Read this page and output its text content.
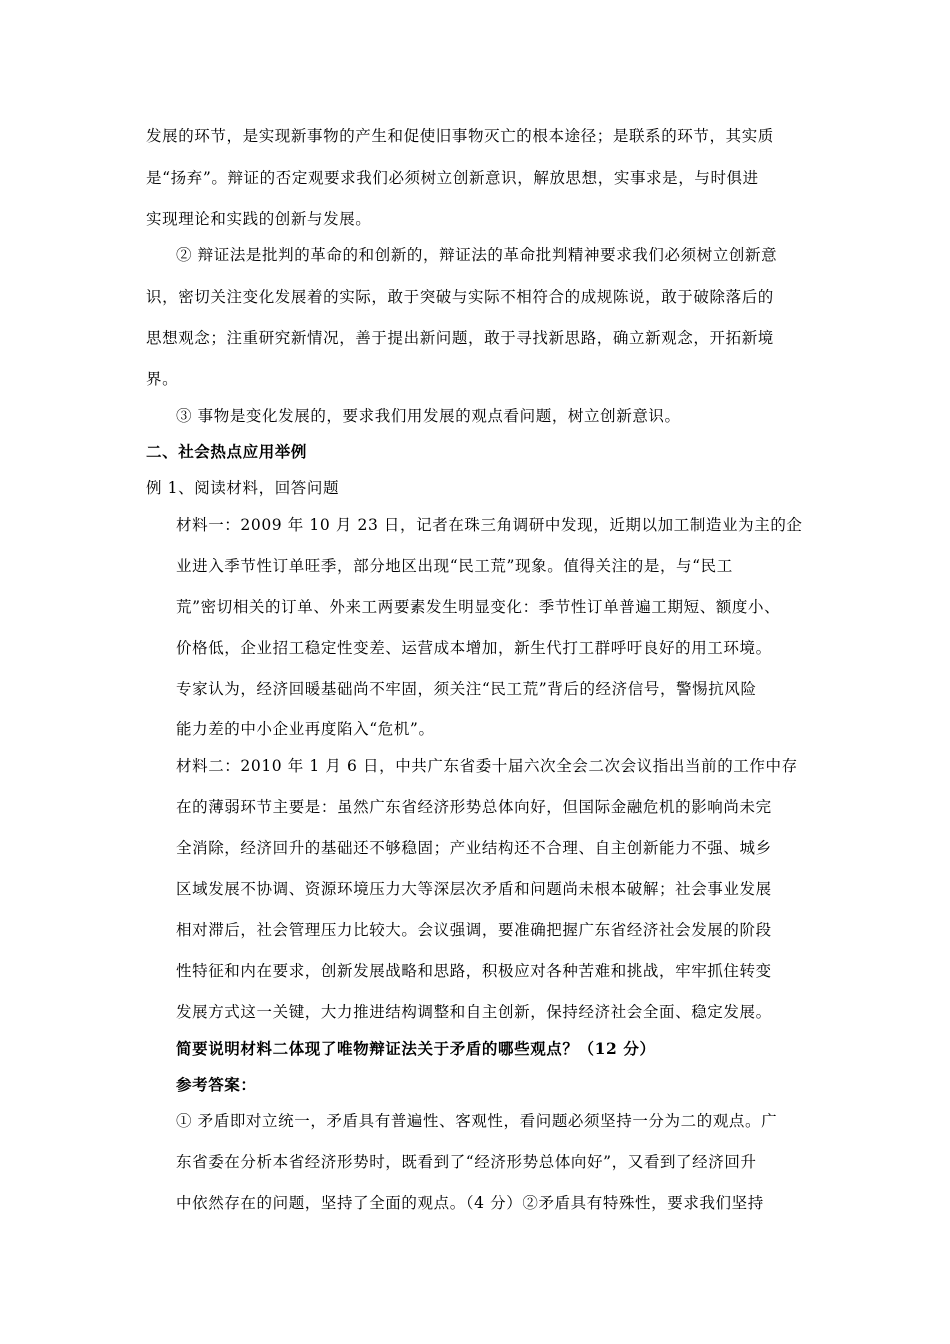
发展的环节，是实现新事物的产生和促使旧事物灭亡的根本途径；是联系的环节，其实质
是“扬弃”。辩证的否定观要求我们必须树立创新意识，解放思想，实事求是，与时俱进
实现理论和实践的创新与发展。
② 辩证法是批判的革命的和创新的，辩证法的革命批判精神要求我们必须树立创新意
识，密切关注变化发展着的实际，敢于突破与实际不相符合的成规陈说，敢于破除落后的
思想观念；注重研究新情况，善于提出新问题，敢于寻找新思路，确立新观念，开拓新境
界。
③ 事物是变化发展的，要求我们用发展的观点看问题，树立创新意识。
二、社会热点应用举例
例 1、阅读材料，回答问题
材料一：2009 年 10 月 23 日，记者在珠三角调研中发现，近期以加工制造业为主的企
业进入季节性订单旺季，部分地区出现“民工荒”现象。值得关注的是，与“民工
荒”密切相关的订单、外来工两要素发生明显变化：季节性订单普遍工期短、额度小、
价格低，企业招工稳定性变差、运营成本增加，新生代打工群呼吁良好的用工环境。
专家认为，经济回暖基础尚不牢固，须关注“民工荒”背后的经济信号，警惕抗风险
能力差的中小企业再度陷入“危机”。
材料二：2010 年 1 月 6 日，中共广东省委十届六次全会二次会议指出当前的工作中存
在的薄弱环节主要是：虽然广东省经济形势总体向好，但国际金融危机的影响尚未完
全消除，经济回升的基础还不够稳固；产业结构还不合理、自主创新能力不强、城乡
区域发展不协调、资源环境压力大等深层次矛盾和问题尚未根本破解；社会事业发展
相对滞后，社会管理压力比较大。会议强调，要准确把握广东省经济社会发展的阶段
性特征和内在要求，创新发展战略和思路，积极应对各种苦难和挑战，牢牢抓住转变
发展方式这一关键，大力推进结构调整和自主创新，保持经济社会全面、稳定发展。
简要说明材料二体现了唯物辩证法关于矛盾的哪些观点？（12 分）
参考答案：
① 矛盾即对立统一，矛盾具有普遍性、客观性，看问题必须坚持一分为二的观点。广
东省委在分析本省经济形势时，既看到了“经济形势总体向好”，又看到了经济回升
中依然存在的问题，坚持了全面的观点。（4 分）②矛盾具有特殊性，要求我们坚持
